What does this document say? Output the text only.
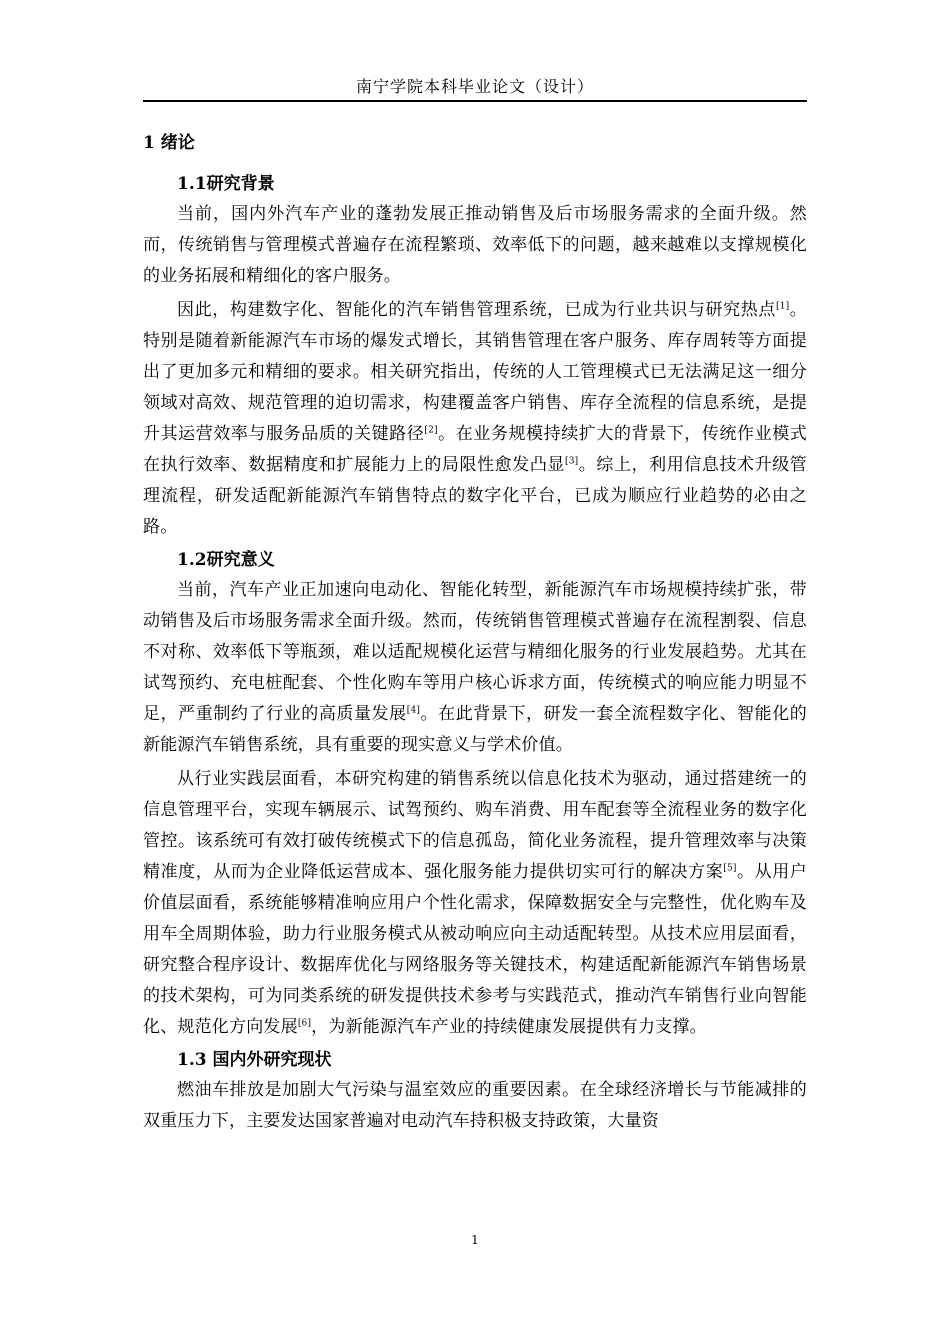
南宁学院本科毕业论文（设计）
1 绪论
1.1研究背景

当前，国内外汽车产业的蓬勃发展正推动销售及后市场服务需求的全面升级。然而，传统销售与管理模式普遍存在流程繁琐、效率低下的问题，越来越难以支撑规模化的业务拓展和精细化的客户服务。

因此，构建数字化、智能化的汽车销售管理系统，已成为行业共识与研究热点[1]。特别是随着新能源汽车市场的爆发式增长，其销售管理在客户服务、库存周转等方面提出了更加多元和精细的要求。相关研究指出，传统的人工管理模式已无法满足这一细分领域对高效、规范管理的迫切需求，构建覆盖客户销售、库存全流程的信息系统，是提升其运营效率与服务品质的关键路径[2]。在业务规模持续扩大的背景下，传统作业模式在执行效率、数据精度和扩展能力上的局限性愈发凸显[3]。综上，利用信息技术升级管理流程，研发适配新能源汽车销售特点的数字化平台，已成为顺应行业趋势的必由之路。

1.2研究意义

当前，汽车产业正加速向电动化、智能化转型，新能源汽车市场规模持续扩张，带动销售及后市场服务需求全面升级。然而，传统销售管理模式普遍存在流程割裂、信息不对称、效率低下等瓶颈，难以适配规模化运营与精细化服务的行业发展趋势。尤其在试驾预约、充电桩配套、个性化购车等用户核心诉求方面，传统模式的响应能力明显不足，严重制约了行业的高质量发展[4]。在此背景下，研发一套全流程数字化、智能化的新能源汽车销售系统，具有重要的现实意义与学术价值。

从行业实践层面看，本研究构建的销售系统以信息化技术为驱动，通过搭建统一的信息管理平台，实现车辆展示、试驾预约、购车消费、用车配套等全流程业务的数字化管控。该系统可有效打破传统模式下的信息孤岛，简化业务流程，提升管理效率与决策精准度，从而为企业降低运营成本、强化服务能力提供切实可行的解决方案[5]。从用户价值层面看，系统能够精准响应用户个性化需求，保障数据安全与完整性，优化购车及用车全周期体验，助力行业服务模式从被动响应向主动适配转型。从技术应用层面看，研究整合程序设计、数据库优化与网络服务等关键技术，构建适配新能源汽车销售场景的技术架构，可为同类系统的研发提供技术参考与实践范式，推动汽车销售行业向智能化、规范化方向发展[6]，为新能源汽车产业的持续健康发展提供有力支撑。

1.3 国内外研究现状

燃油车排放是加剧大气污染与温室效应的重要因素。在全球经济增长与节能减排的双重压力下，主要发达国家普遍对电动汽车持积极支持政策，大量资

1
